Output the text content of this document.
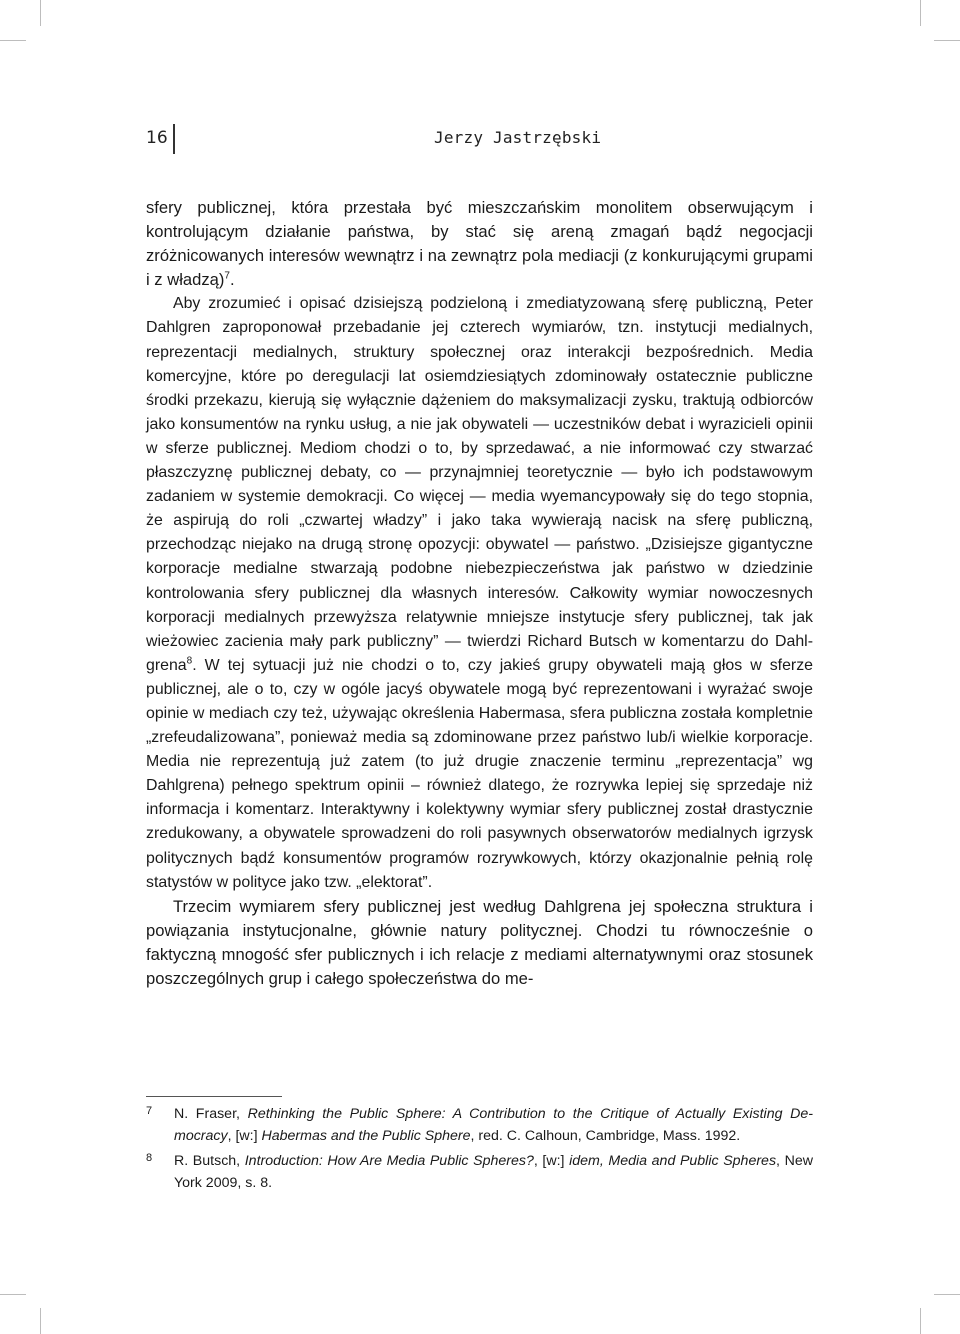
16	Jerzy Jastrzębski

sfery publicznej, która przestała być mieszczańskim monolitem obserwującym i kontrolującym działanie państwa, by stać się areną zmagań bądź negocjacji zróżnicowanych interesów wewnątrz i na zewnątrz pola mediacji (z konkurującymi grupami i z władzą)$^7$.

Aby zrozumieć i opisać dzisiejszą podzieloną i zmediatyzowaną sferę publiczną, Peter Dahlgren zaproponował przebadanie jej czterech wymiarów, tzn. instytucji medialnych, reprezentacji medialnych, struktury społecznej oraz interakcji bezpośrednich. Media komercyjne, które po deregulacji lat osiemdziesiątych zdominowały ostatecznie publiczne środki przekazu, kierują się wyłącznie dążeniem do maksymalizacji zysku, traktują odbiorców jako konsumentów na rynku usług, a nie jak obywateli — uczestników debat i wyrazicieli opinii w sferze publicznej. Mediom chodzi o to, by sprzedawać, a nie informować czy stwarzać płaszczyznę publicznej debaty, co — przynajmniej teoretycznie — było ich podstawowym zadaniem w systemie demokracji. Co więcej — media wyemancypowały się do tego stopnia, że aspirują do roli „czwartej władzy” i jako taka wywierają nacisk na sferę publiczną, przechodząc niejako na drugą stronę opozycji: obywatel — państwo. „Dzisiejsze gigantyczne korporacje medialne stwarzają podobne niebezpieczeństwa jak państwo w dziedzinie kontrolowania sfery publicznej dla własnych interesów. Całkowity wymiar nowoczesnych korporacji medialnych przewyższa relatywnie mniejsze instytucje sfery publicznej, tak jak wieżowiec zacienia mały park publiczny” — twierdzi Richard Butsch w komentarzu do Dahlgrena$^8$. W tej sytuacji już nie chodzi o to, czy jakieś grupy obywateli mają głos w sferze publicznej, ale o to, czy w ogóle jacyś obywatele mogą być reprezentowani i wyrażać swoje opinie w mediach czy też, używając określenia Habermasa, sfera publiczna została kompletnie „zrefeudalizowana”, ponieważ media są zdominowane przez państwo lub/i wielkie korporacje. Media nie reprezentują już zatem (to już drugie znaczenie terminu „reprezentacja” wg Dahlgrena) pełnego spektrum opinii – również dlatego, że rozrywka lepiej się sprzedaje niż informacja i komentarz. Interaktywny i kolektywny wymiar sfery publicznej został drastycznie zredukowany, a obywatele sprowadzeni do roli pasywnych obserwatorów medialnych igrzysk politycznych bądź konsumentów programów rozrywkowych, którzy okazjonalnie pełnią rolę statystów w polityce jako tzw. „elektorat”.

Trzecim wymiarem sfery publicznej jest według Dahlgrena jej społeczna struktura i powiązania instytucjonalne, głównie natury politycznej. Chodzi tu równocześnie o faktyczną mnogość sfer publicznych i ich relacje z mediami alternatywnymi oraz stosunek poszczególnych grup i całego społeczeństwa do me-

7 N. Fraser, Rethinking the Public Sphere: A Contribution to the Critique of Actually Existing Democracy, [w:] Habermas and the Public Sphere, red. C. Calhoun, Cambridge, Mass. 1992.
8 R. Butsch, Introduction: How Are Media Public Spheres?, [w:] idem, Media and Public Spheres, New York 2009, s. 8.
